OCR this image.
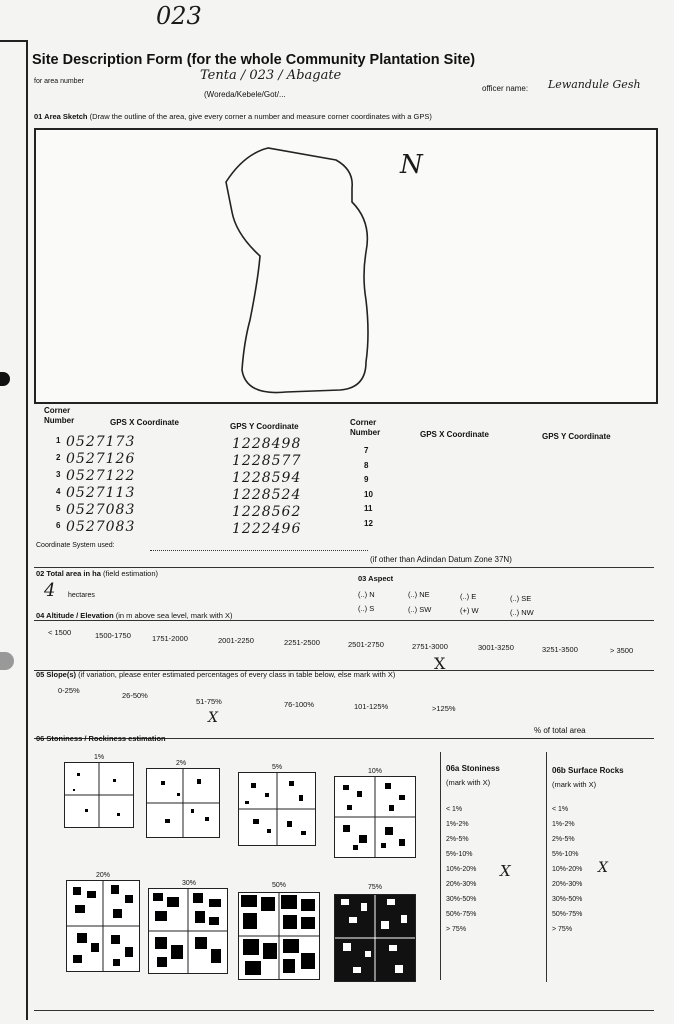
023
Site Description Form (for the whole Community Plantation Site)
for area number	Tenta / 023 / Abagate
(Woreda/Kebele/Got/...
officer name: Lewandule Gesh
01 Area Sketch (Draw the outline of the area, give every corner a number and measure corner coordinates with a GPS)
N
Corner Number	GPS X Coordinate	GPS Y Coordinate	Corner Number	GPS X Coordinate	GPS Y Coordinate
1 0527173	1228498
2 0527126	1228577
3 0527122	1228594
4 0527113	1228524
5 0527083	1228562
6 0527083	1222496
7
8
9
10
11
12
Coordinate System used:
(if other than Adindan Datum Zone 37N)
02 Total area in ha (field estimation)
4 hectares
03 Aspect
(..) N	(..) NE	(..) E	(..) SE
(..) S	(..) SW	(+) W	(..) NW
04 Altitude / Elevation (in m above sea level, mark with X)
< 1500	1500-1750	1751-2000	2001-2250	2251-2500	2501-2750	2751-3000	3001-3250	3251-3500	> 3500
X
05 Slope(s) (if variation, please enter estimated percentages of every class in table below, else mark with X)
0-25%
26-50%
51-75%	76-100%	101-125%	>125%
X
% of total area
06 Stoniness / Rockiness estimation
1%
2%
5%
10%
20%
30%	50%	75%
06a Stoniness
(mark with X)
< 1%
1%-2%
2%-5%
5%-10%
10%-20%
20%-30%
30%-50%
50%-75%
> 75%
X
06b Surface Rocks
(mark with X)
< 1%
1%-2%
2%-5%
5%-10%
10%-20%
20%-30%
30%-50%
50%-75%
> 75%
X
